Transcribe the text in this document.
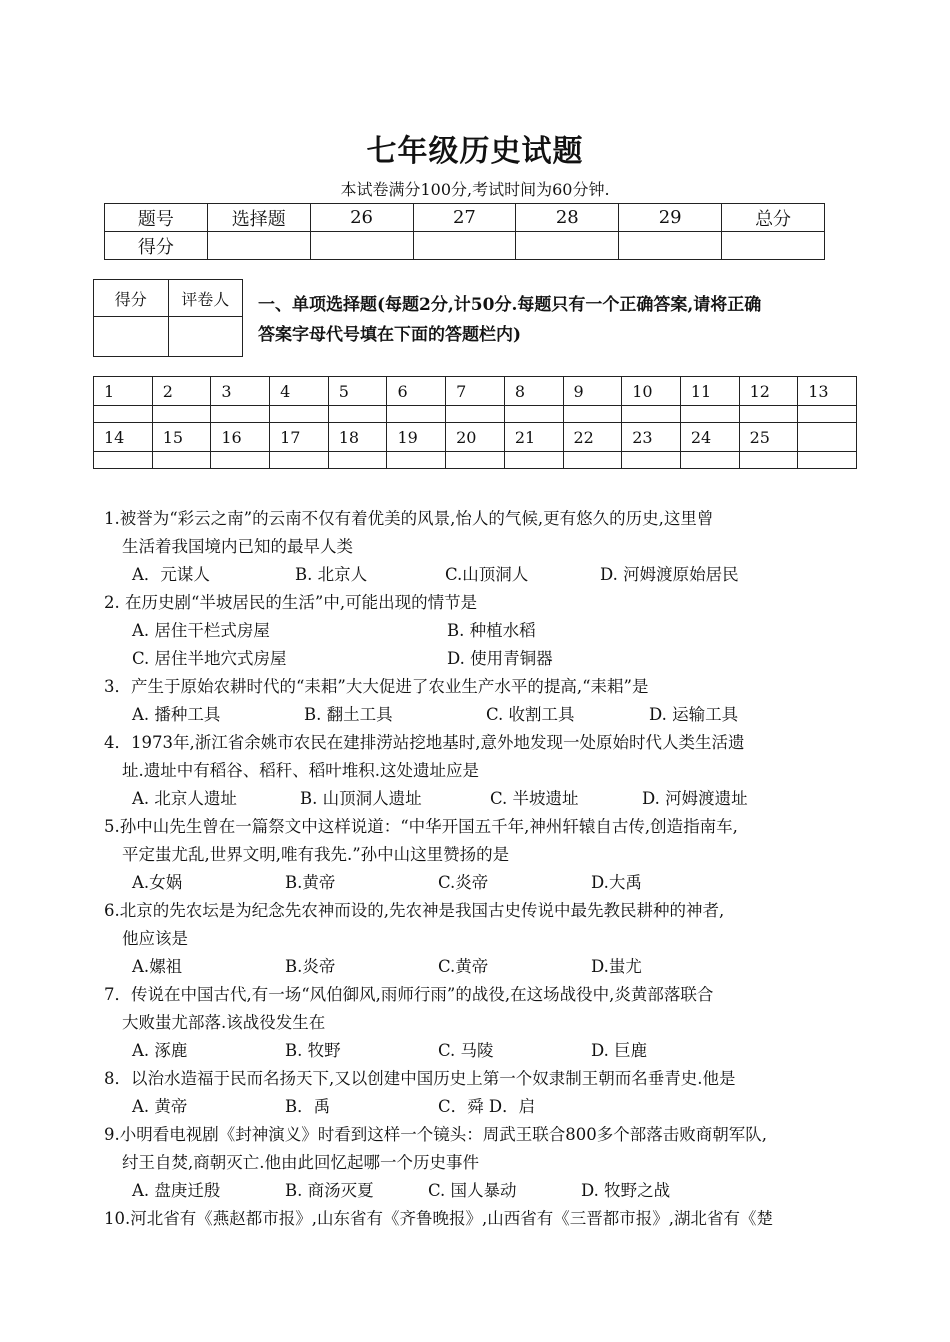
七年级历史试题
本试卷满分100分,考试时间为60分钟.
题号	选择题	26	27	28	29	总分
得分						
得分	评卷人
	一、单项选择题(每题2分,计50分.每题只有一个正确答案,请将正确
答案字母代号填在下面的答题栏内)
1	2	3	4	5	6	7	8	9	10	11	12	13

14	15	16	17	18	19	20	21	22	23	24	25	

1.被誉为“彩云之南”的云南不仅有着优美的风景,怡人的气候,更有悠久的历史,这里曾
生活着我国境内已知的最早人类
A．元谋人	B. 北京人	C.山顶洞人	D. 河姆渡原始居民
2. 在历史剧“半坡居民的生活”中,可能出现的情节是
A. 居住干栏式房屋	B. 种植水稻
C. 居住半地穴式房屋	D. 使用青铜器
3．产生于原始农耕时代的“耒耜”大大促进了农业生产水平的提高,“耒耜”是
A. 播种工具	B. 翻土工具	C. 收割工具	D. 运输工具
4．1973年,浙江省余姚市农民在建排涝站挖地基时,意外地发现一处原始时代人类生活遗
址.遗址中有稻谷、稻秆、稻叶堆积.这处遗址应是
A. 北京人遗址	B. 山顶洞人遗址	C. 半坡遗址	D. 河姆渡遗址
5.孙中山先生曾在一篇祭文中这样说道：“中华开国五千年,神州轩辕自古传,创造指南车,
平定蚩尤乱,世界文明,唯有我先.”孙中山这里赞扬的是
A.女娲	B.黄帝	C.炎帝	D.大禹
6.北京的先农坛是为纪念先农神而设的,先农神是我国古史传说中最先教民耕种的神者,
他应该是
A.嫘祖	B.炎帝	C.黄帝	D.蚩尤
7．传说在中国古代,有一场“风伯御风,雨师行雨”的战役,在这场战役中,炎黄部落联合
大败蚩尤部落.该战役发生在
A. 涿鹿	B. 牧野	C. 马陵	D. 巨鹿
8．以治水造福于民而名扬天下,又以创建中国历史上第一个奴隶制王朝而名垂青史.他是
A. 黄帝	B．禹	C．舜 D．启
9.小明看电视剧《封神演义》时看到这样一个镜头：周武王联合800多个部落击败商朝军队,
纣王自焚,商朝灭亡.他由此回忆起哪一个历史事件
A. 盘庚迁殷	B. 商汤灭夏	C. 国人暴动	D. 牧野之战
10.河北省有《燕赵都市报》,山东省有《齐鲁晚报》,山西省有《三晋都市报》,湖北省有《楚
